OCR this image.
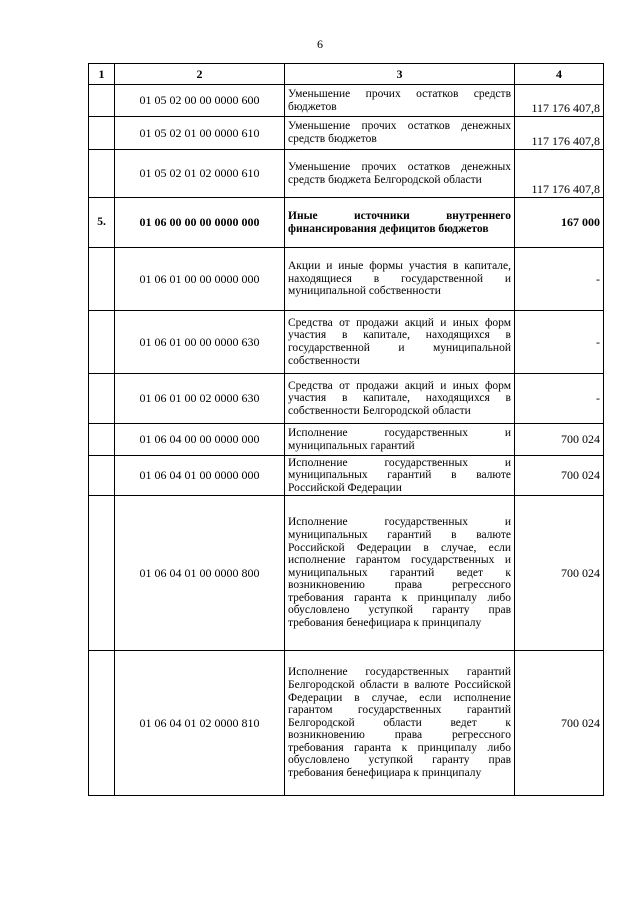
6
1	2	3	4
	01 05 02 00 00 0000 600	Уменьшение прочих остатков средств бюджетов	117 176 407,8
	01 05 02 01 00 0000 610	Уменьшение прочих остатков денежных средств бюджетов	117 176 407,8
	01 05 02 01 02 0000 610	Уменьшение прочих остатков денежных средств бюджета Белгородской области	117 176 407,8
5.	01 06 00 00 00 0000 000	Иные источники внутреннего финансирования дефицитов бюджетов	167 000
	01 06 01 00 00 0000 000	Акции и иные формы участия в капитале, находящиеся в государственной и муниципальной собственности	-
	01 06 01 00 00 0000 630	Средства от продажи акций и иных форм участия в капитале, находящихся в государственной и муниципальной собственности	-
	01 06 01 00 02 0000 630	Средства от продажи акций и иных форм участия в капитале, находящихся в собственности Белгородской области	-
	01 06 04 00 00 0000 000	Исполнение государственных и муниципальных гарантий	700 024
	01 06 04 01 00 0000 000	Исполнение государственных и муниципальных гарантий в валюте Российской Федерации	700 024
	01 06 04 01 00 0000 800	Исполнение государственных и муниципальных гарантий в валюте Российской Федерации в случае, если исполнение гарантом государственных и муниципальных гарантий ведет к возникновению права регрессного требования гаранта к принципалу либо обусловлено уступкой гаранту прав требования бенефициара к принципалу	700 024
	01 06 04 01 02 0000 810	Исполнение государственных гарантий Белгородской области в валюте Российской Федерации в случае, если исполнение гарантом государственных гарантий Белгородской области ведет к возникновению права регрессного требования гаранта к принципалу либо обусловлено уступкой гаранту прав требования бенефициара к принципалу	700 024
